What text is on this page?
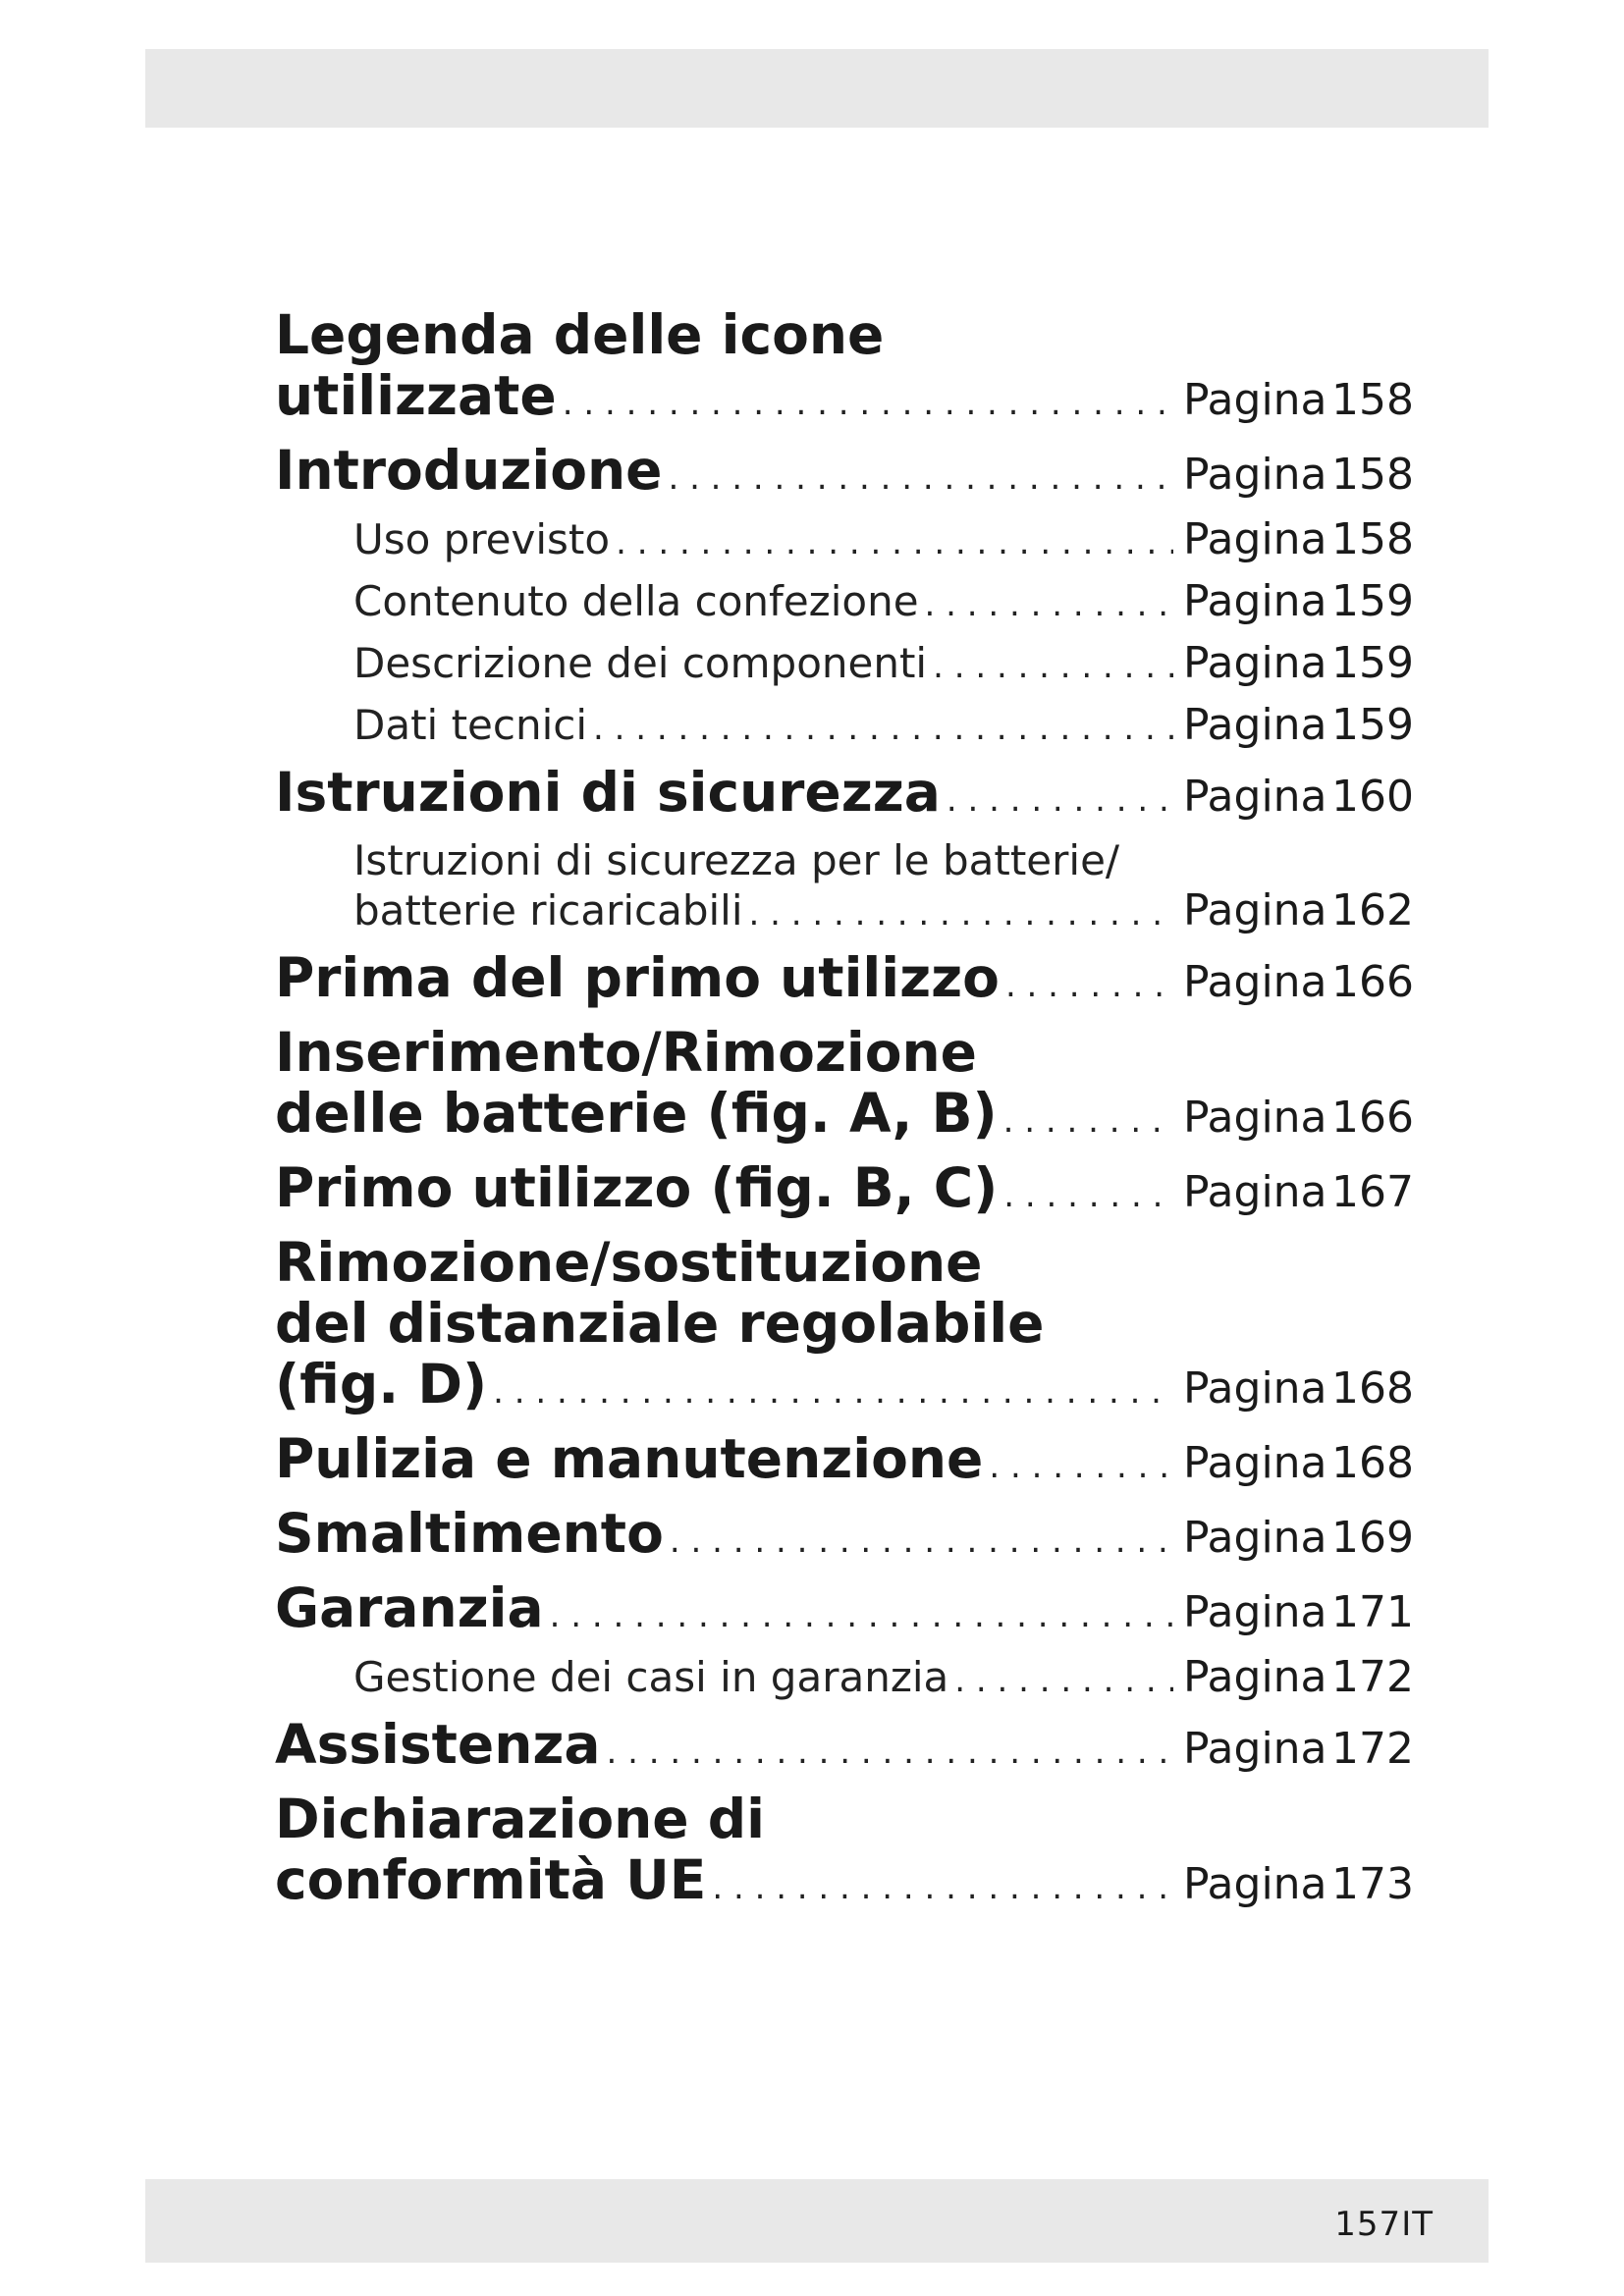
Legenda delle icone
utilizzate . . .	Pagina 158
Introduzione . . .	Pagina 158
Uso previsto . . .	Pagina 158
Contenuto della confezione . . .	Pagina 159
Descrizione dei componenti . . .	Pagina 159
Dati tecnici . . .	Pagina 159
Istruzioni di sicurezza . . .	Pagina 160
Istruzioni di sicurezza per le batterie/
batterie ricaricabili . . .	Pagina 162
Prima del primo utilizzo . . .	Pagina 166
Inserimento/Rimozione
delle batterie (fig. A, B) . . .	Pagina 166
Primo utilizzo (fig. B, C) . . .	Pagina 167
Rimozione/sostituzione
del distanziale regolabile
(fig. D) . . .	Pagina 168
Pulizia e manutenzione . . .	Pagina 168
Smaltimento . . .	Pagina 169
Garanzia . . .	Pagina 171
Gestione dei casi in garanzia . . .	Pagina 172
Assistenza . . .	Pagina 172
Dichiarazione di
conformità UE . . .	Pagina 173
157IT
